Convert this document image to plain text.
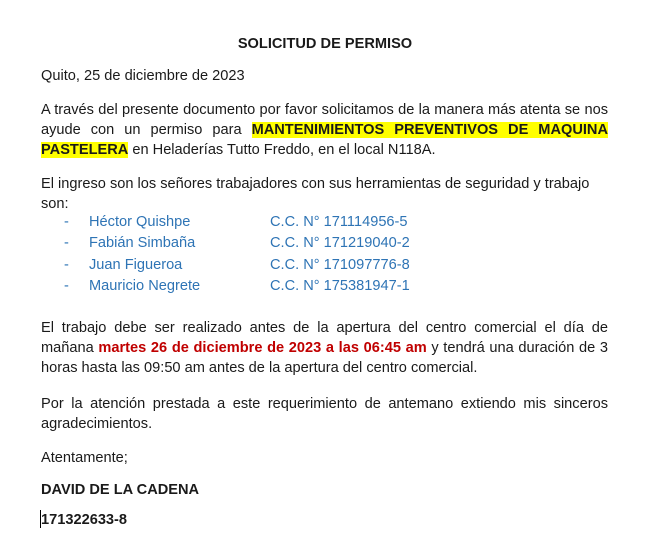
SOLICITUD DE PERMISO
Quito, 25 de diciembre de 2023
A través del presente documento por favor solicitamos de la manera más atenta se nos ayude con un permiso para MANTENIMIENTOS PREVENTIVOS DE MAQUINA PASTELERA en Heladerías Tutto Freddo, en el local N118A.
El ingreso son los señores trabajadores con sus herramientas de seguridad y trabajo son:
- Héctor Quishpe	C.C. N° 171114956-5
- Fabián Simbaña	C.C. N° 171219040-2
- Juan Figueroa	C.C. N° 171097776-8
- Mauricio Negrete	C.C. N° 175381947-1
El trabajo debe ser realizado antes de la apertura del centro comercial el día de mañana martes 26 de diciembre de 2023 a las 06:45 am y tendrá una duración de 3 horas hasta las 09:50 am antes de la apertura del centro comercial.
Por la atención prestada a este requerimiento de antemano extiendo mis sinceros agradecimientos.
Atentamente;
DAVID DE LA CADENA
171322633-8
